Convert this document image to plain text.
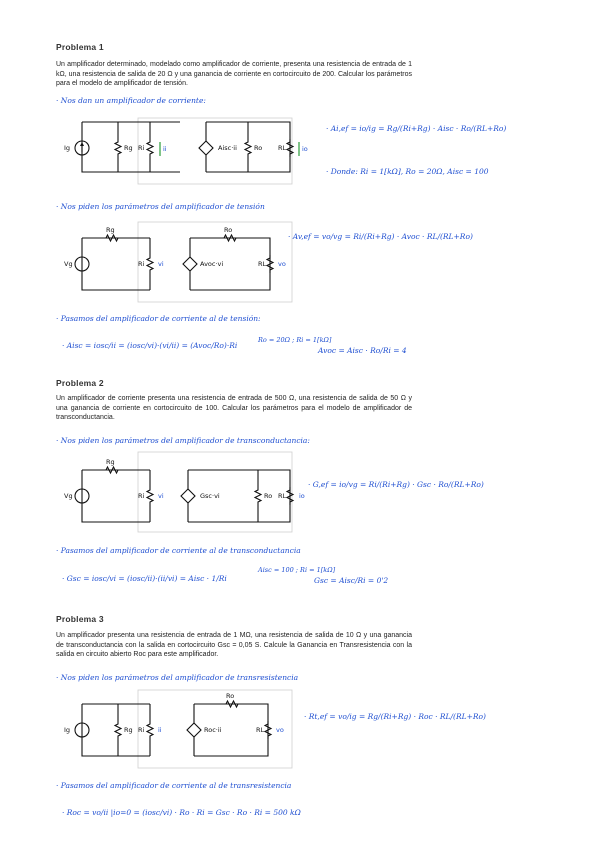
Problema 1
Un amplificador determinado, modelado como amplificador de corriente, presenta una resistencia de entrada de 1 kΩ, una resistencia de salida de 20 Ω y una ganancia de corriente en cortocircuito de 200. Calcular los parámetros para el modelo de amplificador de tensión.
· Nos dan un amplificador de corriente:
· Ai,ef = io/ig = Rg/(Ri+Rg) · Aisc · Ro/(RL+Ro)
· Donde: Ri = 1[kΩ], Ro = 20Ω, Aisc = 100
· Nos piden los parámetros del amplificador de tensión
· Av,ef = vo/vg = Ri/(Ri+Rg) · Avoc · RL/(RL+Ro)
· Pasamos del amplificador de corriente al de tensión:
· Aisc = iosc/ii = (iosc/vi)·(vi/ii) = (Avoc/Ro)·Ri
Ro = 20Ω ; Ri = 1[kΩ]
Avoc = Aisc · Ro/Ri = 4
Problema 2
Un amplificador de corriente presenta una resistencia de entrada de 500 Ω, una resistencia de salida de 50 Ω y una ganancia de corriente en cortocircuito de 100. Calcular los parámetros para el modelo de amplificador de transconductancia.
· Nos piden los parámetros del amplificador de transconductancia:
· G,ef = io/vg = Ri/(Ri+Rg) · Gsc · Ro/(RL+Ro)
· Pasamos del amplificador de corriente al de transconductancia
· Gsc = iosc/vi = (iosc/ii)·(ii/vi) = Aisc · 1/Ri
Aisc = 100 ; Ri = 1[kΩ]
Gsc = Aisc/Ri = 0'2
Problema 3
Un amplificador presenta una resistencia de entrada de 1 MΩ, una resistencia de salida de 10 Ω y una ganancia de transconductancia con la salida en cortocircuito Gsc = 0,05 S. Calcule la Ganancia en Transresistencia con la salida en circuito abierto Roc para este amplificador.
· Nos piden los parámetros del amplificador de transresistencia
· Rt,ef = vo/ig = Rg/(Ri+Rg) · Roc · RL/(RL+Ro)
· Pasamos del amplificador de corriente al de transresistencia
· Roc = vo/ii |io=0 = (iosc/vi) · Ro · Ri = Gsc · Ro · Ri = 500 kΩ
Ig	Rg Ri	Aisc·ii	Ro RL
ii	io
Vg
Rg
Ri vi	Avoc·vi
Ro
RL vo
Vg
Rg
Ri vi	Gsc·vi	Ro RL io
Ig	Rg Ri ii	Roc·ii
Ro
RL vo
